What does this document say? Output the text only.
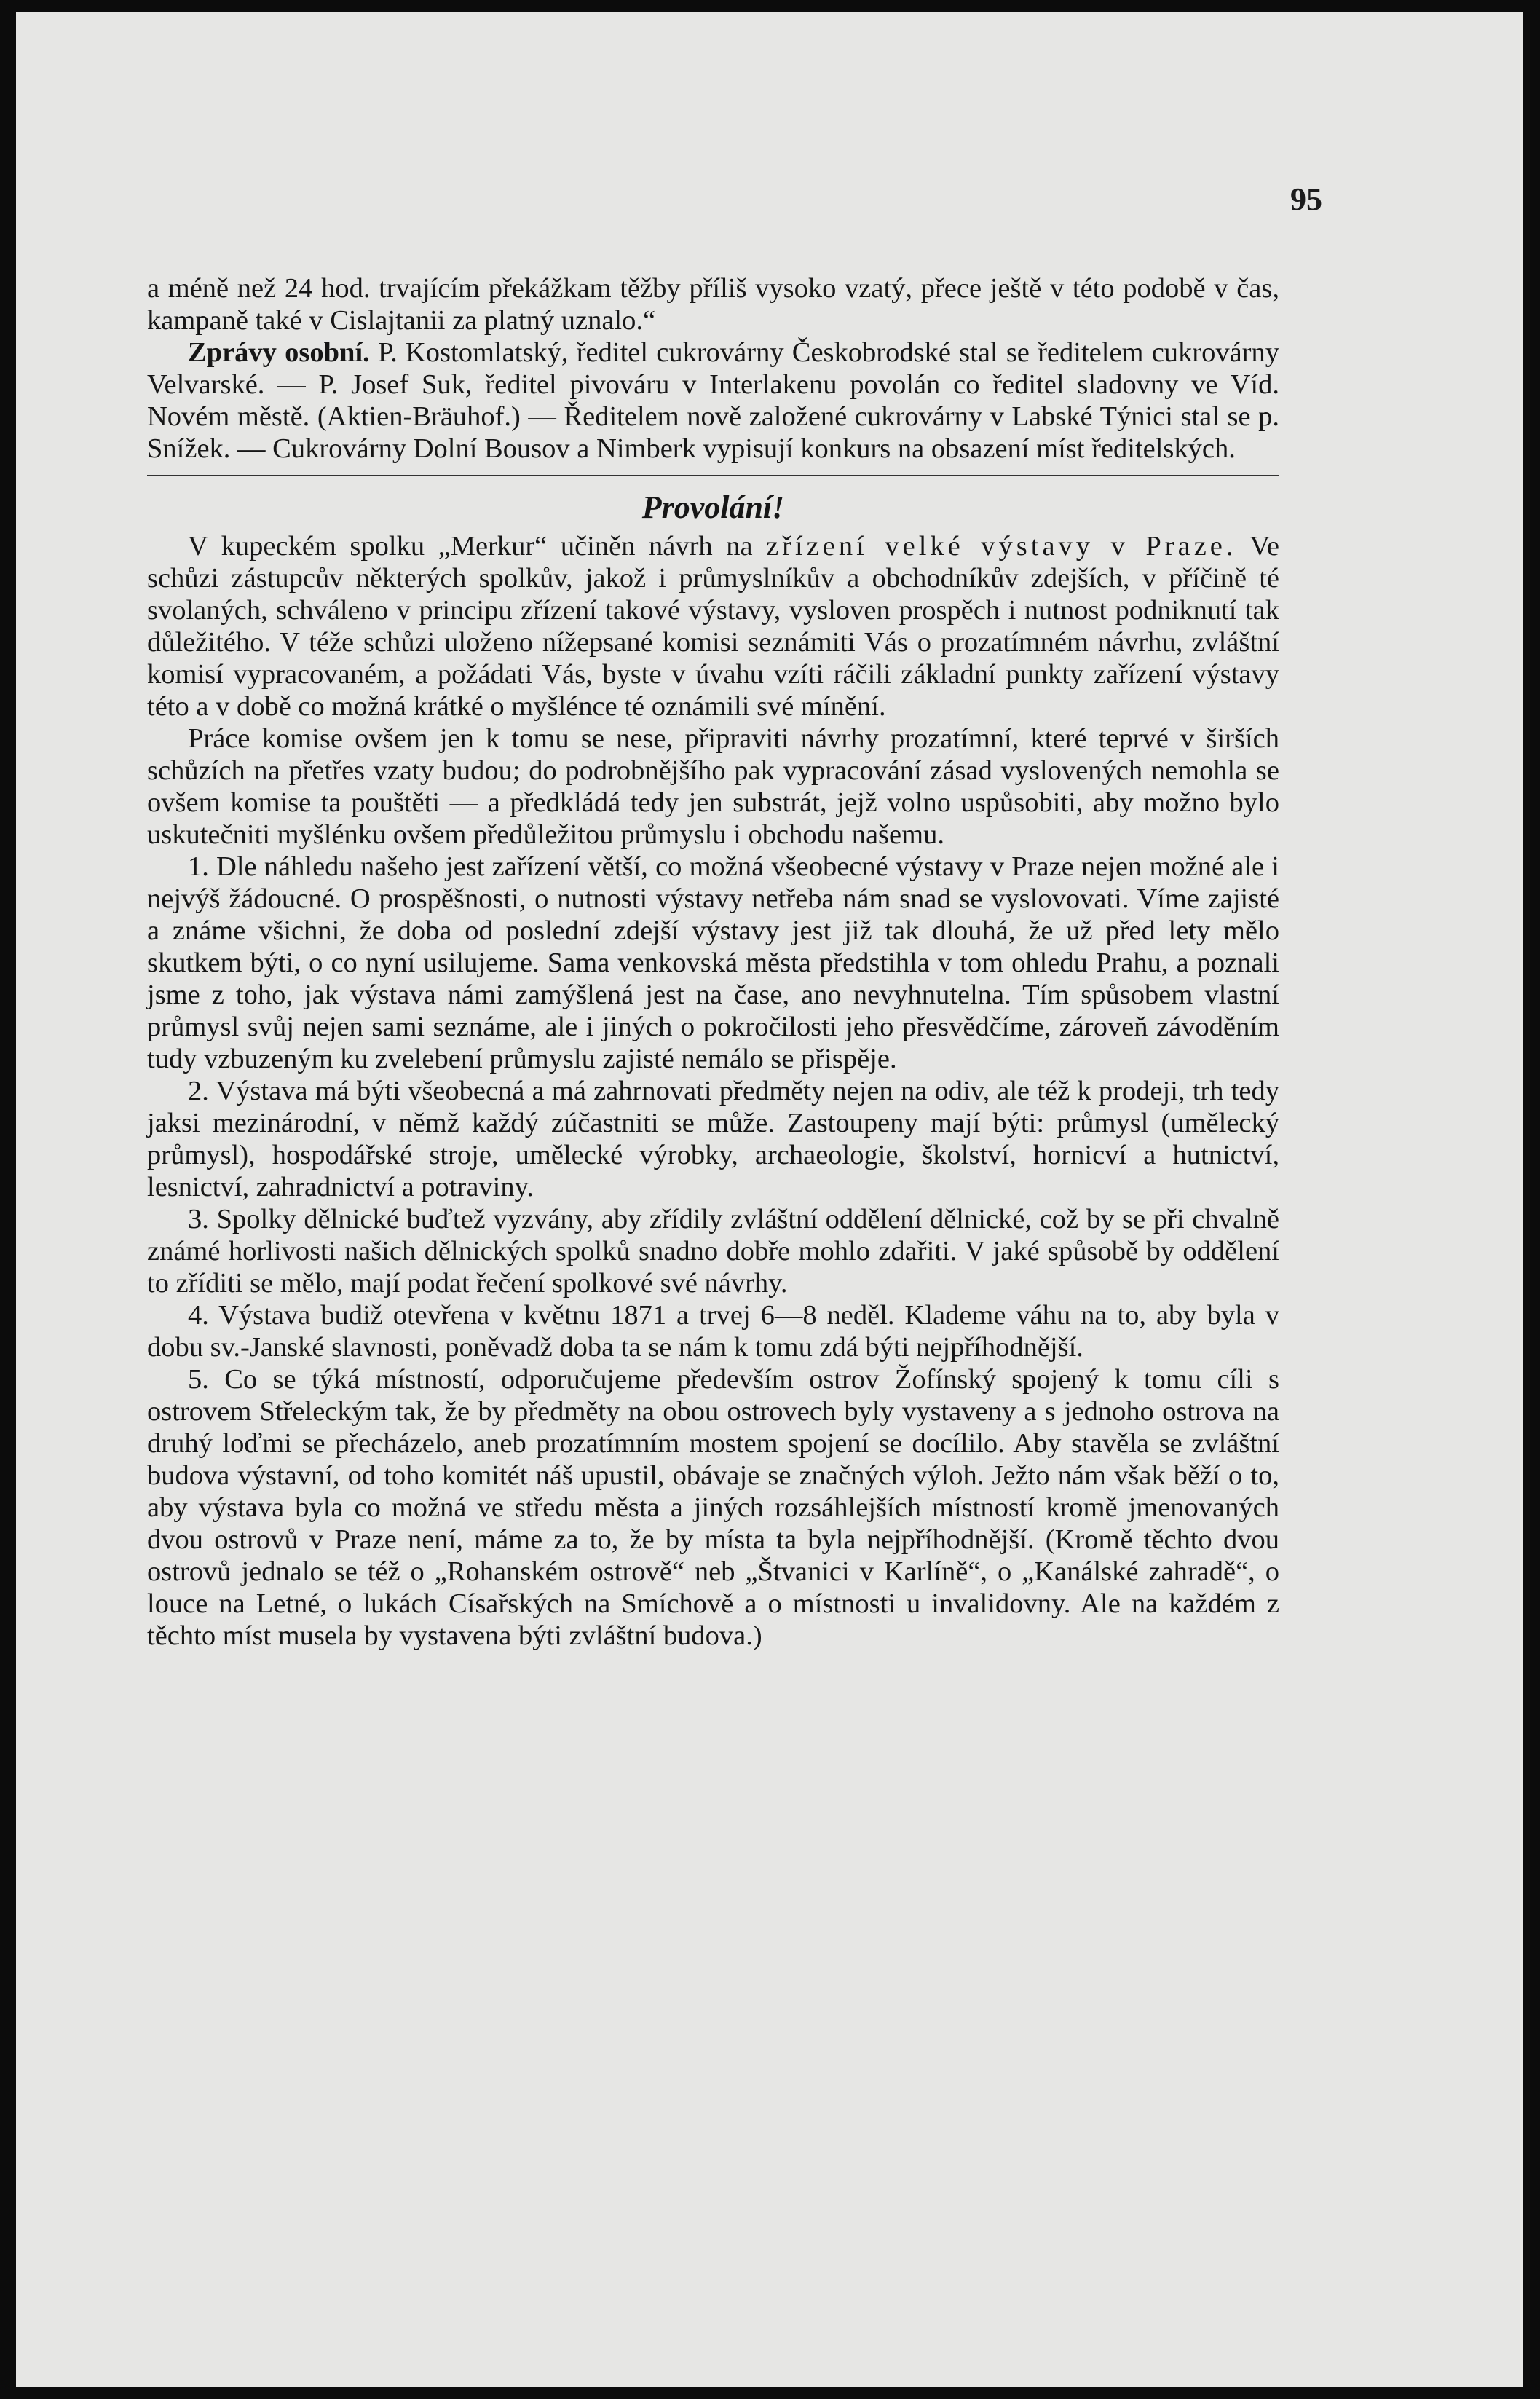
95

a méně než 24 hod. trvajícím překážkam těžby příliš vysoko vzatý, přece ještě v této podobě v čas, kampaně také v Cislajtanii za platný uznalo.“

Zprávy osobní. P. Kostomlatský, ředitel cukrovárny Českobrodské stal se ředitelem cukrovárny Velvarské. — P. Josef Suk, ředitel pivováru v Interlakenu povolán co ředitel sladovny ve Víd. Novém městě. (Aktien-Bräuhof.) — Ředitelem nově založené cukrovárny v Labské Týnici stal se p. Snížek. — Cukrovárny Dolní Bousov a Nimberk vypisují konkurs na obsazení míst ředitelských.

Provolání!

V kupeckém spolku „Merkur“ učiněn návrh na zřízení velké výstavy v Praze. Ve schůzi zástupcův některých spolkův, jakož i průmyslníkův a obchodníkův zdejších, v příčině té svolaných, schváleno v principu zřízení takové výstavy, vysloven prospěch i nutnost podniknutí tak důležitého. V téže schůzi uloženo nížepsané komisi seznámiti Vás o prozatímném návrhu, zvláštní komisí vypracovaném, a požádati Vás, byste v úvahu vzíti ráčili základní punkty zařízení výstavy této a v době co možná krátké o myšlénce té oznámili své mínění.

Práce komise ovšem jen k tomu se nese, připraviti návrhy prozatímní, které teprvé v širších schůzích na přetřes vzaty budou; do podrobnějšího pak vypracování zásad vyslovených nemohla se ovšem komise ta pouštěti — a předkládá tedy jen substrát, jejž volno uspůsobiti, aby možno bylo uskutečniti myšlénku ovšem předůležitou průmyslu i obchodu našemu.

1. Dle náhledu našeho jest zařízení větší, co možná všeobecné výstavy v Praze nejen možné ale i nejvýš žádoucné. O prospěšnosti, o nutnosti výstavy netřeba nám snad se vyslovovati. Víme zajisté a známe všichni, že doba od poslední zdejší výstavy jest již tak dlouhá, že už před lety mělo skutkem býti, o co nyní usilujeme. Sama venkovská města předstihla v tom ohledu Prahu, a poznali jsme z toho, jak výstava námi zamýšlená jest na čase, ano nevyhnutelna. Tím spůsobem vlastní průmysl svůj nejen sami seznáme, ale i jiných o pokročilosti jeho přesvědčíme, zároveň závoděním tudy vzbuzeným ku zvelebení průmyslu zajisté nemálo se přispěje.

2. Výstava má býti všeobecná a má zahrnovati předměty nejen na odiv, ale též k prodeji, trh tedy jaksi mezinárodní, v němž každý zúčastniti se může. Zastoupeny mají býti: průmysl (umělecký průmysl), hospodářské stroje, umělecké výrobky, archaeologie, školství, hornicví a hutnictví, lesnictví, zahradnictví a potraviny.

3. Spolky dělnické buďtež vyzvány, aby zřídily zvláštní oddělení dělnické, což by se při chvalně známé horlivosti našich dělnických spolků snadno dobře mohlo zdařiti. V jaké spůsobě by oddělení to zříditi se mělo, mají podat řečení spolkové své návrhy.

4. Výstava budiž otevřena v květnu 1871 a trvej 6—8 neděl. Klademe váhu na to, aby byla v dobu sv.-Janské slavnosti, poněvadž doba ta se nám k tomu zdá býti nejpříhodnější.

5. Co se týká místností, odporučujeme především ostrov Žofínský spojený k tomu cíli s ostrovem Střeleckým tak, že by předměty na obou ostrovech byly vystaveny a s jednoho ostrova na druhý loďmi se přecházelo, aneb prozatímním mostem spojení se docílilo. Aby stavěla se zvláštní budova výstavní, od toho komitét náš upustil, obávaje se značných výloh. Ježto nám však běží o to, aby výstava byla co možná ve středu města a jiných rozsáhlejších místností kromě jmenovaných dvou ostrovů v Praze není, máme za to, že by místa ta byla nejpříhodnější. (Kromě těchto dvou ostrovů jednalo se též o „Rohanském ostrově“ neb „Štvanici v Karlíně“, o „Kanálské zahradě“, o louce na Letné, o lukách Císařských na Smíchově a o místnosti u invalidovny. Ale na každém z těchto míst musela by vystavena býti zvláštní budova.)
